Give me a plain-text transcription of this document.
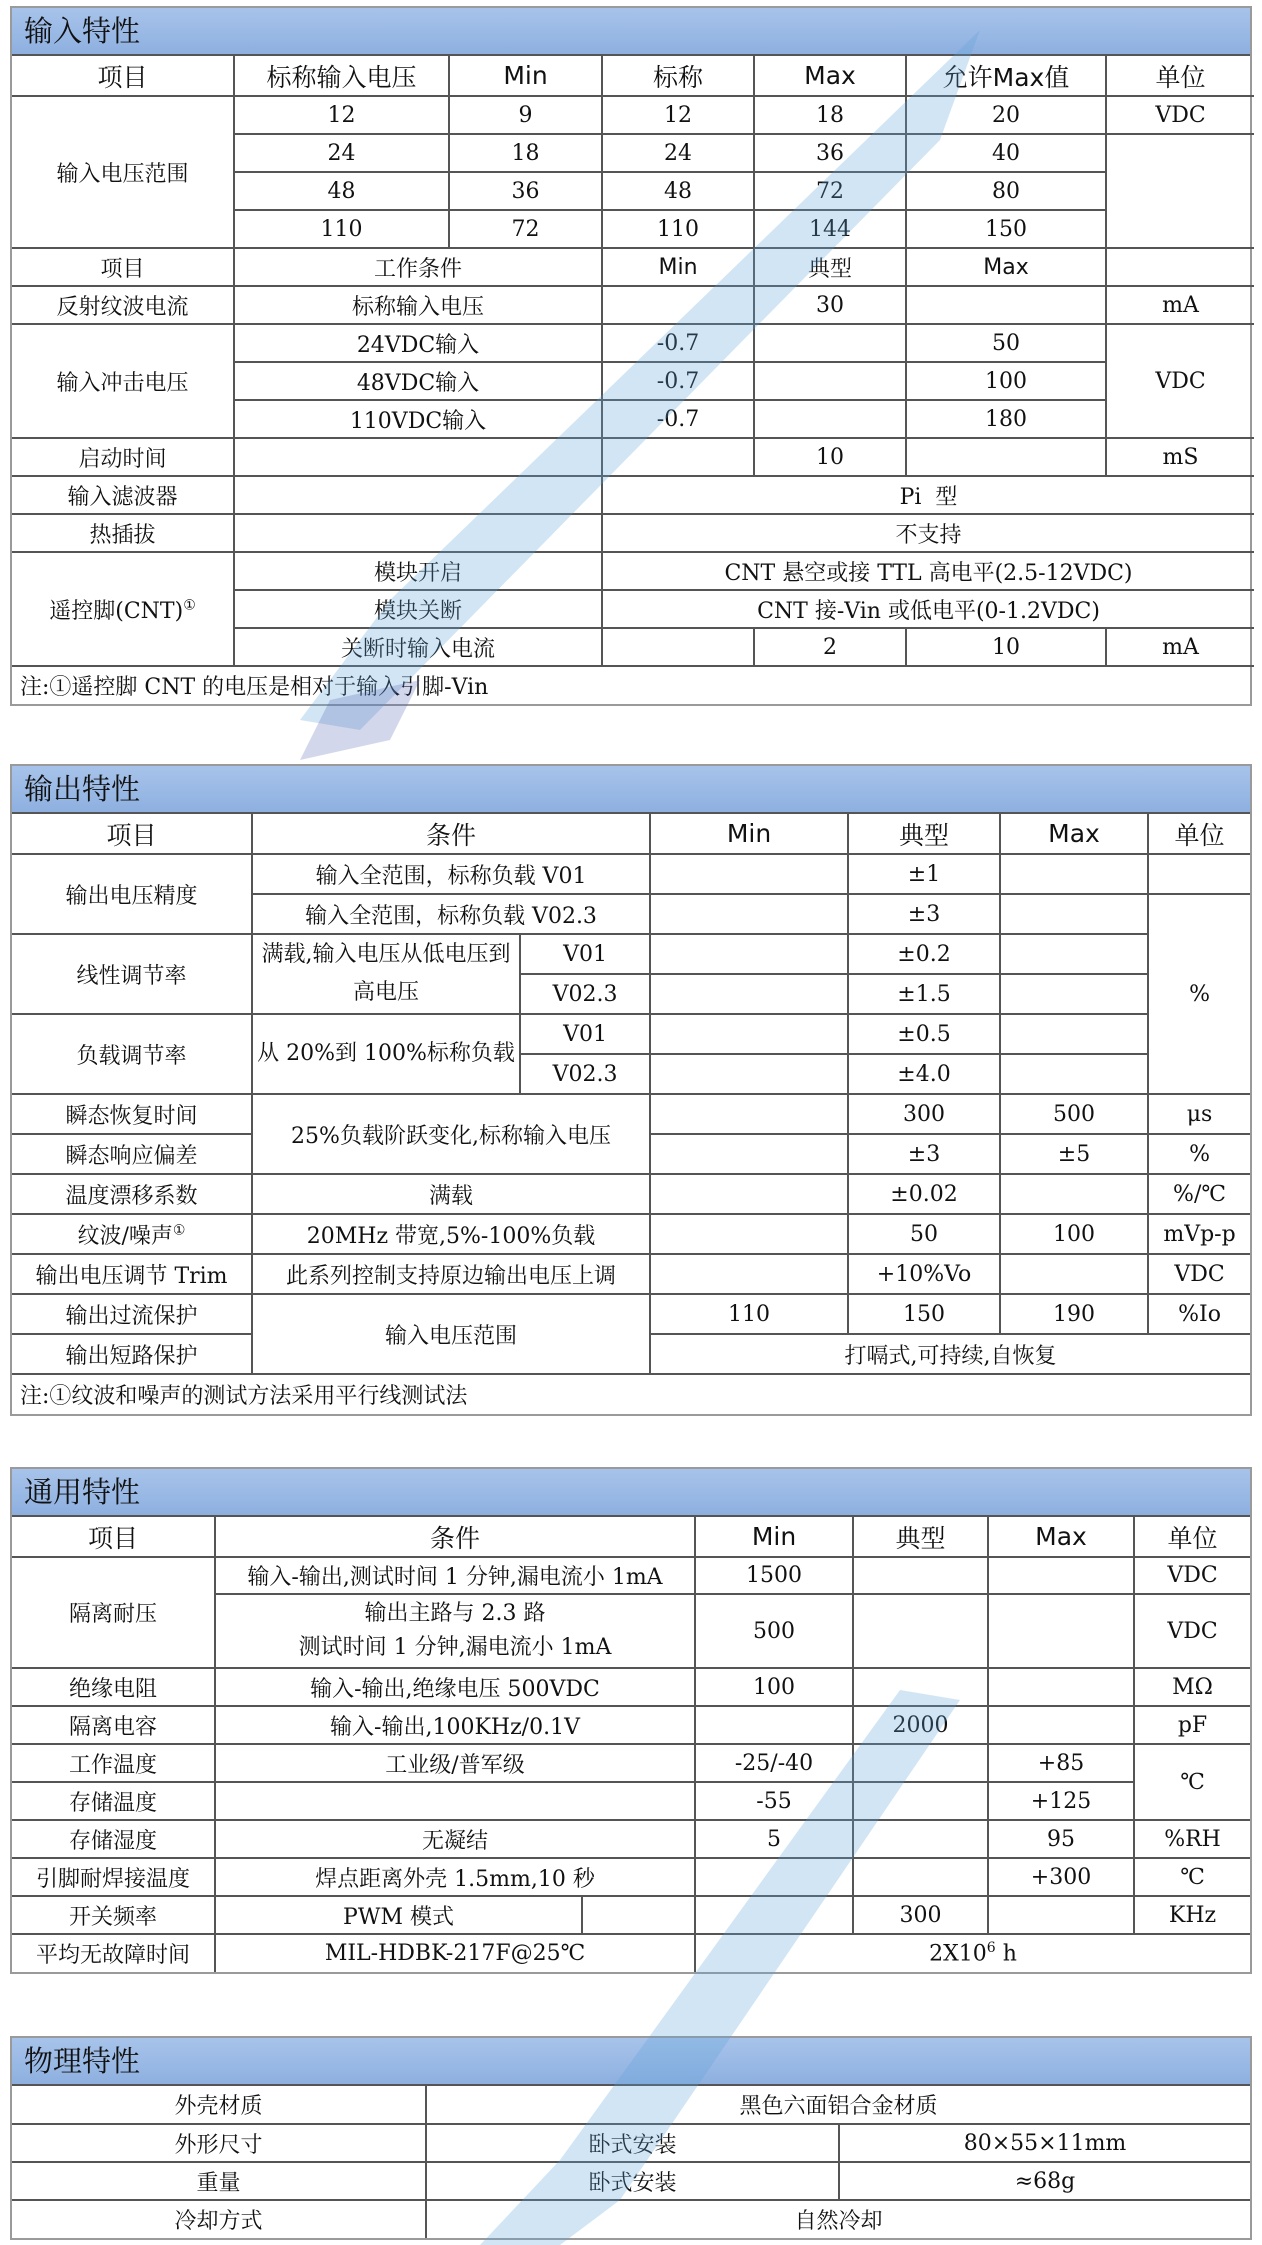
输入特性
项目	标称输入电压	Min	标称	Max	允许Max值	单位
输入电压范围	12	9	12	18	20	VDC
	24	18	24	36	40	
	48	36	48	72	80	
	110	72	110	144	150	
项目	工作条件		Min	典型	Max	
反射纹波电流	标称输入电压			30		mA
输入冲击电压	24VDC输入		-0.7		50	VDC
	48VDC输入		-0.7		100	
	110VDC输入		-0.7		180	
启动时间				10		mS
输入滤波器			Pi  型			
热插拔			不支持			
遥控脚(CNT)①	模块开启		CNT 悬空或接 TTL 高电平(2.5-12VDC)			
	模块关断		CNT 接-Vin 或低电平(0-1.2VDC)			
	关断时输入电流			2	10	mA
注:①遥控脚 CNT 的电压是相对于输入引脚-Vin						
输出特性
项目	条件		Min	典型	Max	单位
输出电压精度	输入全范围，标称负载 V01			±1		
	输入全范围，标称负载 V02.3			±3		%
线性调节率	满载,输入电压从低电压到高电压	V01		±0.2		
		V02.3		±1.5		
负载调节率	从 20%到 100%标称负载	V01		±0.5		
		V02.3		±4.0		
瞬态恢复时间	25%负载阶跃变化,标称输入电压			300	500	μs
瞬态响应偏差				±3	±5	%
温度漂移系数	满载			±0.02		%/℃
纹波/噪声①	20MHz 带宽,5%-100%负载			50	100	mVp-p
输出电压调节 Trim	此系列控制支持原边输出电压上调			+10%Vo		VDC
输出过流保护	输入电压范围		110	150	190	%Io
输出短路保护			打嗝式,可持续,自恢复			
注:①纹波和噪声的测试方法采用平行线测试法						
通用特性
项目	条件		Min	典型	Max	单位
隔离耐压	输入-输出,测试时间 1 分钟,漏电流小 1mA		1500			VDC

	输出主路与 2.3 路
测试时间 1 分钟,漏电流小 1mA		500			VDC
绝缘电阻	输入-输出,绝缘电压 500VDC		100			MΩ
隔离电容	输入-输出,100KHz/0.1V			2000		pF
工作温度	工业级/普军级		-25/-40		+85	℃
存储温度			-55		+125	
存储湿度	无凝结		5		95	%RH
引脚耐焊接温度	焊点距离外壳 1.5mm,10 秒				+300	℃
开关频率	PWM 模式			300		KHz
平均无故障时间	MIL-HDBK-217F@25℃		$2X10^6$ h			
物理特性
外壳材质	黑色六面铝合金材质	
外形尺寸	卧式安装	80×55×11mm
重量	卧式安装	≈68g
冷却方式	自然冷却	
